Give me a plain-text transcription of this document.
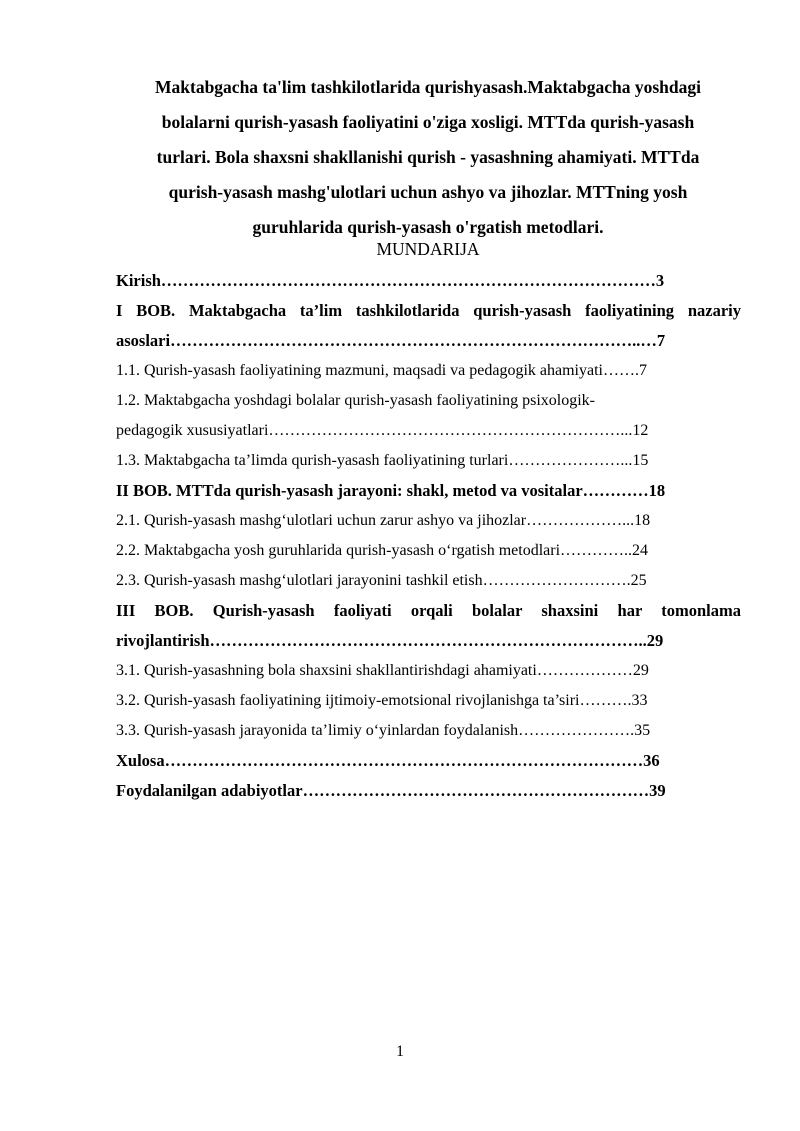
Maktabgacha ta'lim tashkilotlarida qurishyasash.Maktabgacha yoshdagi
bolalarni qurish-yasash faoliyatini o'ziga xosligi. MTTda qurish-yasash
turlari. Bola shaxsni shakllanishi qurish - yasashning ahamiyati. MTTda
qurish-yasash mashg'ulotlari uchun ashyo va jihozlar. MTTning yosh
guruhlarida qurish-yasash o'rgatish metodlari.
MUNDARIJA
Kirish………………………………………………………………………………3
I BOB. Maktabgacha ta’lim tashkilotlarida qurish-yasash faoliyatining nazariy
asoslari…………………………………………………………………………..…7
1.1. Qurish-yasash faoliyatining mazmuni, maqsadi va pedagogik ahamiyati…….7
1.2. Maktabgacha yoshdagi bolalar qurish-yasash faoliyatining psixologik-
pedagogik xususiyatlari…………………………………………………………...12
1.3. Maktabgacha ta’limda qurish-yasash faoliyatining turlari…………………...15
II BOB. MTTda qurish-yasash jarayoni: shakl, metod va vositalar…………18
2.1. Qurish-yasash mashg‘ulotlari uchun zarur ashyo va jihozlar………………...18
2.2. Maktabgacha yosh guruhlarida qurish-yasash o‘rgatish metodlari…………..24
2.3. Qurish-yasash mashg‘ulotlari jarayonini tashkil etish……………………….25
III BOB. Qurish-yasash faoliyati orqali bolalar shaxsini har tomonlama
rivojlantirish……………………………………………………………………..29
3.1. Qurish-yasashning bola shaxsini shakllantirishdagi ahamiyati………………29
3.2. Qurish-yasash faoliyatining ijtimoiy-emotsional rivojlanishga ta’siri……….33
3.3. Qurish-yasash jarayonida ta’limiy o‘yinlardan foydalanish………………….35
Xulosa……………………………………………………………………………36
Foydalanilgan adabiyotlar………………………………………………………39
1
